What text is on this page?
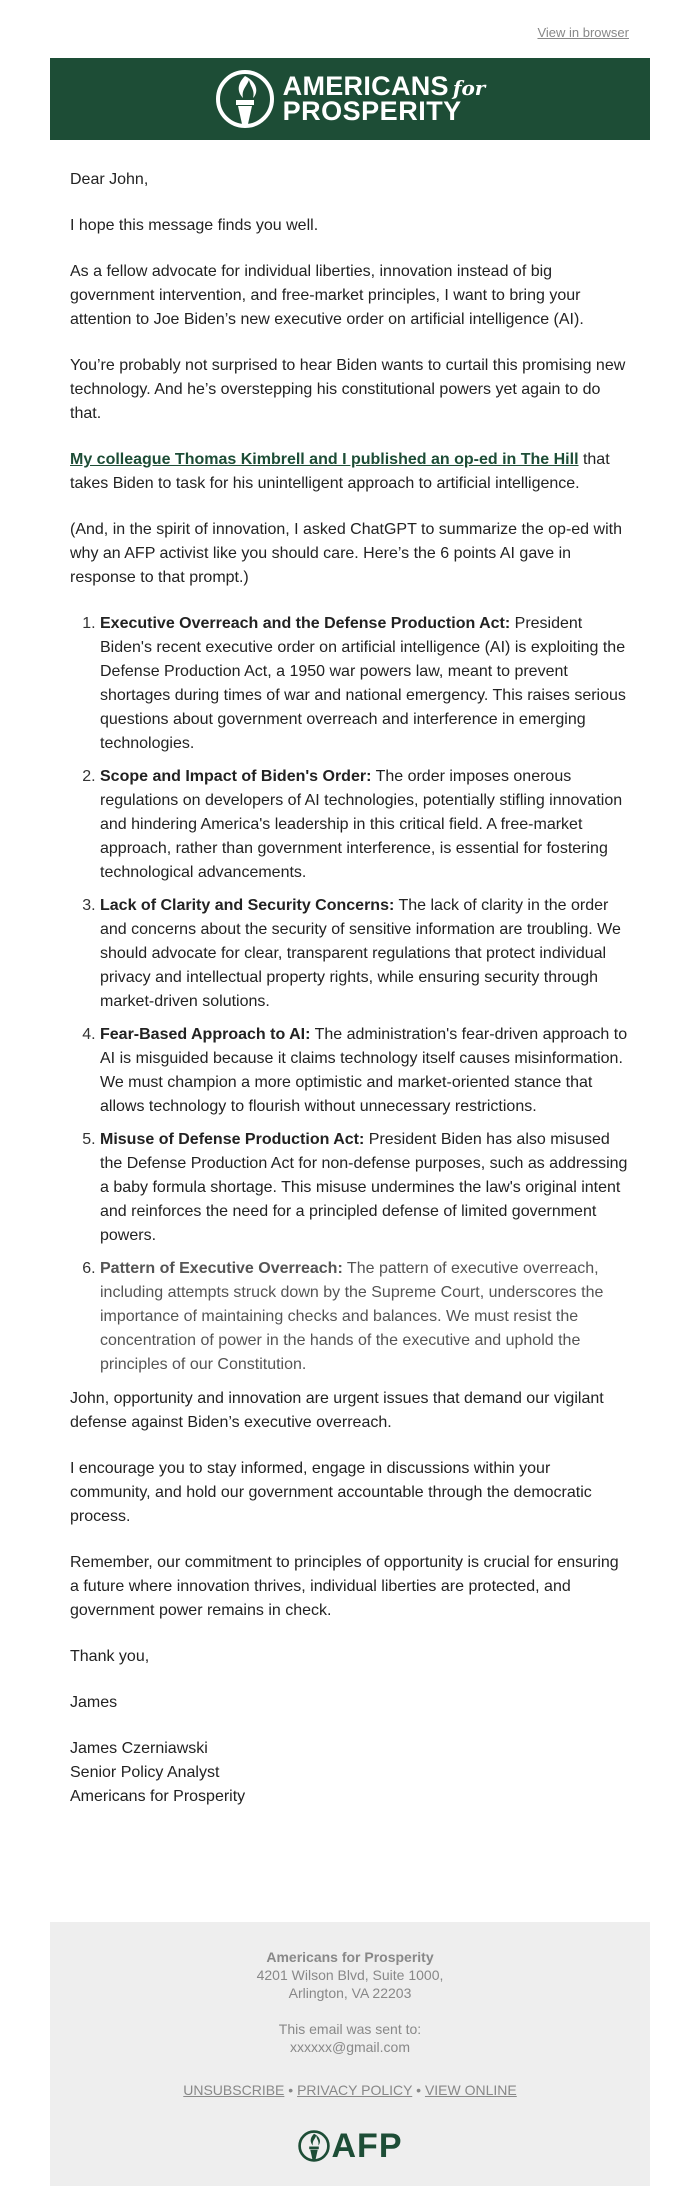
View in browser
AMERICANS for
PROSPERITY

Dear John,

I hope this message finds you well.

As a fellow advocate for individual liberties, innovation instead of big government intervention, and free-market principles, I want to bring your attention to Joe Biden’s new executive order on artificial intelligence (AI).

You’re probably not surprised to hear Biden wants to curtail this promising new technology. And he’s overstepping his constitutional powers yet again to do that.

My colleague Thomas Kimbrell and I published an op-ed in The Hill that takes Biden to task for his unintelligent approach to artificial intelligence.

(And, in the spirit of innovation, I asked ChatGPT to summarize the op-ed with why an AFP activist like you should care. Here’s the 6 points AI gave in response to that prompt.)

1. Executive Overreach and the Defense Production Act: President Biden's recent executive order on artificial intelligence (AI) is exploiting the Defense Production Act, a 1950 war powers law, meant to prevent shortages during times of war and national emergency. This raises serious questions about government overreach and interference in emerging technologies.
2. Scope and Impact of Biden's Order: The order imposes onerous regulations on developers of AI technologies, potentially stifling innovation and hindering America's leadership in this critical field. A free-market approach, rather than government interference, is essential for fostering technological advancements.
3. Lack of Clarity and Security Concerns: The lack of clarity in the order and concerns about the security of sensitive information are troubling. We should advocate for clear, transparent regulations that protect individual privacy and intellectual property rights, while ensuring security through market-driven solutions.
4. Fear-Based Approach to AI: The administration's fear-driven approach to AI is misguided because it claims technology itself causes misinformation. We must champion a more optimistic and market-oriented stance that allows technology to flourish without unnecessary restrictions.
5. Misuse of Defense Production Act: President Biden has also misused the Defense Production Act for non-defense purposes, such as addressing a baby formula shortage. This misuse undermines the law's original intent and reinforces the need for a principled defense of limited government powers.
6. Pattern of Executive Overreach: The pattern of executive overreach, including attempts struck down by the Supreme Court, underscores the importance of maintaining checks and balances. We must resist the concentration of power in the hands of the executive and uphold the principles of our Constitution.

John, opportunity and innovation are urgent issues that demand our vigilant defense against Biden’s executive overreach.

I encourage you to stay informed, engage in discussions within your community, and hold our government accountable through the democratic process.

Remember, our commitment to principles of opportunity is crucial for ensuring a future where innovation thrives, individual liberties are protected, and government power remains in check.

Thank you,

James

James Czerniawski

Senior Policy Analyst

Americans for Prosperity

Americans for Prosperity
4201 Wilson Blvd, Suite 1000,
Arlington, VA 22203
This email was sent to:
xxxxxx@gmail.com
UNSUBSCRIBE • PRIVACY POLICY • VIEW ONLINE
AFP
